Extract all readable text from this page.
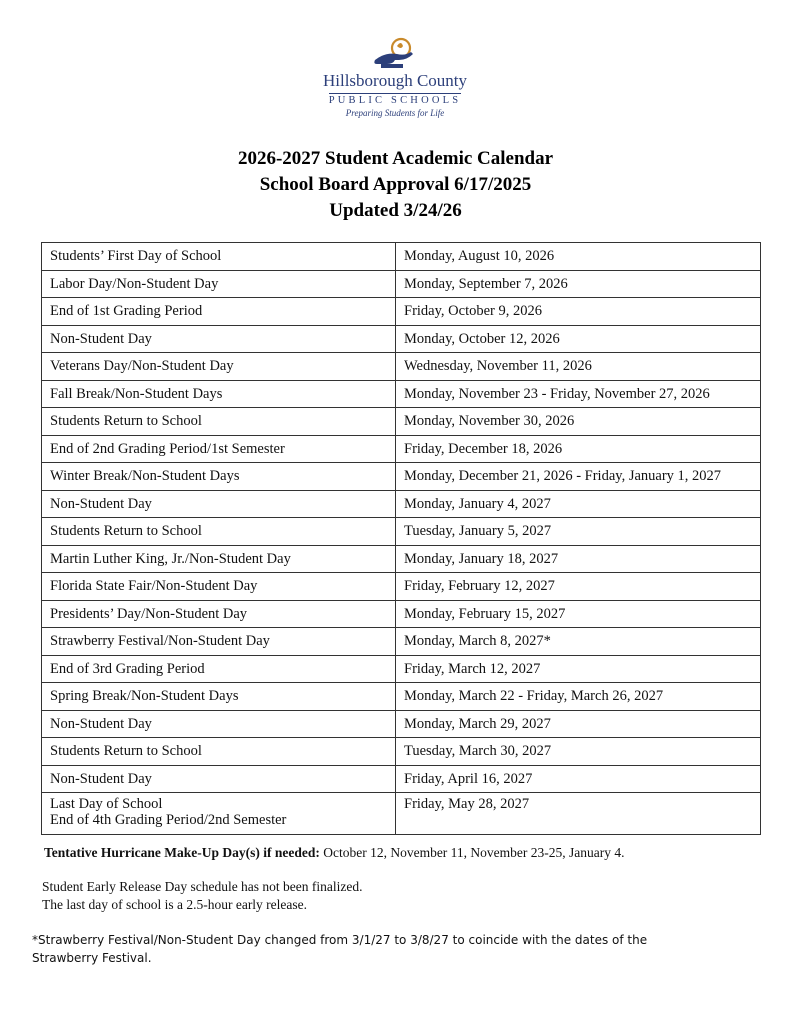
Hillsborough County
PUBLIC SCHOOLS
Preparing Students for Life
2026-2027 Student Academic Calendar
School Board Approval 6/17/2025
Updated 3/24/26
Students’ First Day of School	Monday, August 10, 2026
Labor Day/Non-Student Day	Monday, September 7, 2026
End of 1st Grading Period	Friday, October 9, 2026
Non-Student Day	Monday, October 12, 2026
Veterans Day/Non-Student Day	Wednesday, November 11, 2026
Fall Break/Non-Student Days	Monday, November 23 - Friday, November 27, 2026
Students Return to School	Monday, November 30, 2026
End of 2nd Grading Period/1st Semester	Friday, December 18, 2026
Winter Break/Non-Student Days	Monday, December 21, 2026 - Friday, January 1, 2027
Non-Student Day	Monday, January 4, 2027
Students Return to School	Tuesday, January 5, 2027
Martin Luther King, Jr./Non-Student Day	Monday, January 18, 2027
Florida State Fair/Non-Student Day	Friday, February 12, 2027
Presidents’ Day/Non-Student Day	Monday, February 15, 2027
Strawberry Festival/Non-Student Day	Monday, March 8, 2027*
End of 3rd Grading Period	Friday, March 12, 2027
Spring Break/Non-Student Days	Monday, March 22 - Friday, March 26, 2027
Non-Student Day	Monday, March 29, 2027
Students Return to School	Tuesday, March 30, 2027
Non-Student Day	Friday, April 16, 2027

Last Day of School
End of 4th Grading Period/2nd Semester	Friday, May 28, 2027
Tentative Hurricane Make-Up Day(s) if needed: October 12, November 11, November 23-25, January 4.
Student Early Release Day schedule has not been finalized.
The last day of school is a 2.5-hour early release.
*Strawberry Festival/Non-Student Day changed from 3/1/27 to 3/8/27 to coincide with the dates of the
Strawberry Festival.
